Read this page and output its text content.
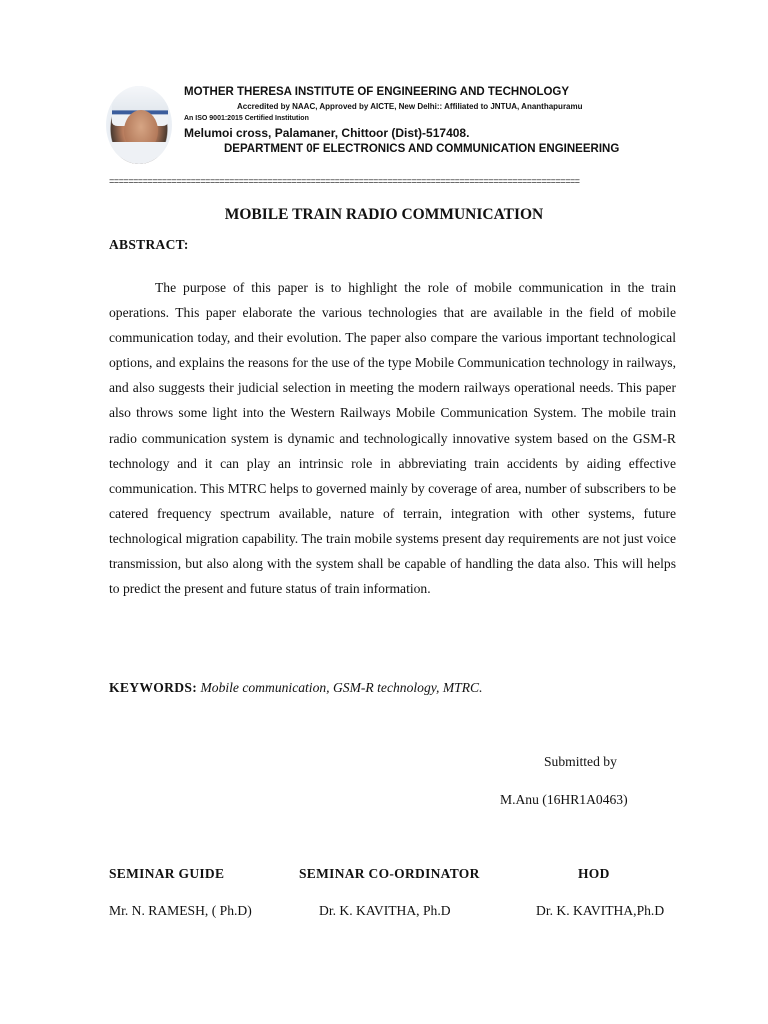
MOTHER THERESA INSTITUTE OF ENGINEERING AND TECHNOLOGY
Accredited by NAAC, Approved by AICTE, New Delhi:: Affiliated to JNTUA, Ananthapuramu
An ISO 9001:2015 Certified Institution
Melumoi cross, Palamaner, Chittoor (Dist)-517408.
DEPARTMENT 0F ELECTRONICS AND COMMUNICATION ENGINEERING
==================================================================================================
MOBILE TRAIN RADIO COMMUNICATION
ABSTRACT:

The purpose of this paper is to highlight the role of mobile communication in the train operations. This paper elaborate the various technologies that are available in the field of mobile communication today, and their evolution. The paper also compare the various important technological options, and explains the reasons for the use of the type Mobile Communication technology in railways, and also suggests their judicial selection in meeting the modern railways operational needs. This paper also throws some light into the Western Railways Mobile Communication System. The mobile train radio communication system is dynamic and technologically innovative system based on the GSM-R technology and it can play an intrinsic role in abbreviating train accidents by aiding effective communication. This MTRC helps to governed mainly by coverage of area, number of subscribers to be catered frequency spectrum available, nature of terrain, integration with other systems, future technological migration capability. The train mobile systems present day requirements are not just voice transmission, but also along with the system shall be capable of handling the data also. This will helps to predict the present and future status of train information.

KEYWORDS: Mobile communication, GSM-R technology, MTRC.
Submitted by
M.Anu (16HR1A0463)
SEMINAR GUIDE	SEMINAR CO-ORDINATOR	HOD
Mr. N. RAMESH, ( Ph.D)	Dr. K. KAVITHA, Ph.D	Dr. K. KAVITHA,Ph.D
